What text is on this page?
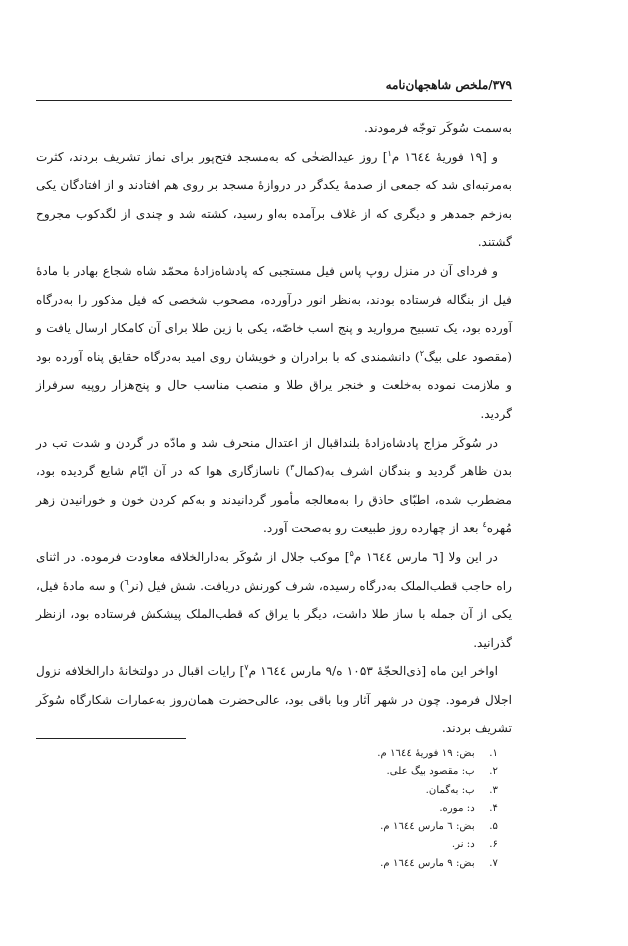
۳۷۹/ملخص شاهجهان‌نامه

به‌سمت سُوکَر توجّه فرمودند.

و [۱۹ فوریهٔ ١٦٤٤ م$^۱$] روز عیدالضحٰی که به‌مسجد فتح‌پور برای نماز تشریف بردند، کثرت به‌مرتبه‌ای شد که جمعی از صدمهٔ یکدگر در دروازهٔ مسجد بر روی هم افتادند و از افتادگان یکی به‌زخم جمدهر و دیگری که از غلاف برآمده به‌او رسید، کشته شد و چندی از لگدکوب مجروح گشتند.

و فردای آن در منزل روپ پاس فیل مستجبی که پادشاه‌زادهٔ محمّد شاه شجاع بهادر با مادهٔ فیل از بنگاله فرستاده بودند، به‌نظر انور درآورده، مصحوب شخصی که فیل مذکور را به‌درگاه آورده بود، یک تسبیح مروارید و پنج اسب خاصّه، یکی با زین طلا برای آن کامکار ارسال یافت و (مقصود علی بیگ$^۲$) دانشمندی که با برادران و خویشان روی امید به‌درگاه حقایق پناه آورده بود و ملازمت نموده به‌خلعت و خنجر یراق طلا و منصب مناسب حال و پنج‌هزار روپیه سرفراز گردید.

در سُوکَر مزاج پادشاه‌زادهٔ بلنداقبال از اعتدال منحرف شد و مادّه در گردن و شدت تب در بدن ظاهر گردید و بندگان اشرف به(کمال$^۳$) ناسازگاری هوا که در آن ایّام شایع گردیده بود، مضطرب شده، اطبّای حاذق را به‌معالجه مأمور گردانیدند و به‌کم کردن خون و خورانیدن زهر مُهره$^٤$ بعد از چهارده روز طبیعت رو به‌صحت آورد.

در این ولا [٦ مارس ١٦٤٤ م$^۵$] موکب جلال از سُوکَر به‌دارالخلافه معاودت فرموده. در اثنای راه حاجب قطب‌الملک به‌درگاه رسیده، شرف کورنش دریافت. شش فیل (نر$^٦$) و سه مادهٔ فیل، یکی از آن جمله با ساز طلا داشت، دیگر با یراق که قطب‌الملک پیشکش فرستاده بود، ازنظر گذرانید.

اواخر این ماه [ذی‌الحجّهٔ ۱۰۵۳ ه/۹ مارس ١٦٤٤ م$^۷$] رایات اقبال در دولتخانهٔ دارالخلافه نزول اجلال فرمود. چون در شهر آثار وبا باقی بود، عالی‌حضرت همان‌روز به‌عمارات شکارگاه سُوکَر تشریف بردند.

۱. بض: ۱۹ فوریهٔ ١٦٤٤ م.
۲. ب: مقصود بیگ علی.
۳. ب: به‌گمان.
۴. د: موره.
۵. بض: ٦ مارس ١٦٤٤ م.
۶. د: نر.
۷. بض: ۹ مارس ١٦٤٤ م.
